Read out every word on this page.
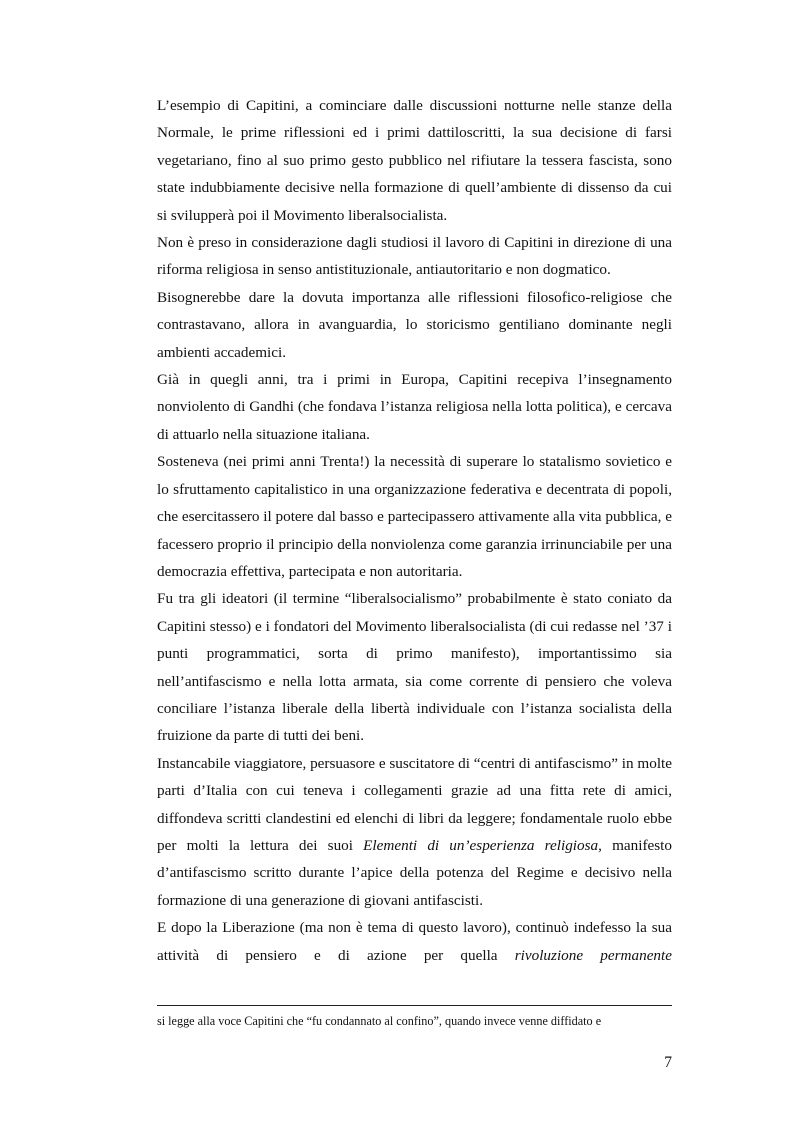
L’esempio di Capitini, a cominciare dalle discussioni notturne nelle stanze della Normale, le prime riflessioni ed i primi dattiloscritti, la sua decisione di farsi vegetariano, fino al suo primo gesto pubblico nel rifiutare la tessera fascista, sono state indubbiamente decisive nella formazione di quell’ambiente di dissenso da cui si svilupperà poi il Movimento liberalsocialista.

Non è preso in considerazione dagli studiosi il lavoro di Capitini in direzione di una riforma religiosa in senso antistituzionale, antiautoritario e non dogmatico.

Bisognerebbe dare la dovuta importanza alle riflessioni filosofico-religiose che contrastavano, allora in avanguardia, lo storicismo gentiliano dominante negli ambienti accademici.

Già in quegli anni, tra i primi in Europa, Capitini recepiva l’insegnamento nonviolento di Gandhi (che fondava l’istanza religiosa nella lotta politica), e cercava di attuarlo nella situazione italiana.

Sosteneva (nei primi anni Trenta!) la necessità di superare lo statalismo sovietico e lo sfruttamento capitalistico in una organizzazione federativa e decentrata di popoli, che esercitassero il potere dal basso e partecipassero attivamente alla vita pubblica, e facessero proprio il principio della nonviolenza come garanzia irrinunciabile per una democrazia effettiva, partecipata e non autoritaria.

Fu tra gli ideatori (il termine “liberalsocialismo” probabilmente è stato coniato da Capitini stesso) e i fondatori del Movimento liberalsocialista (di cui redasse nel ’37 i punti programmatici, sorta di primo manifesto), importantissimo sia nell’antifascismo e nella lotta armata, sia come corrente di pensiero che voleva conciliare l’istanza liberale della libertà individuale con l’istanza socialista della fruizione da parte di tutti dei beni.

Instancabile viaggiatore, persuasore e suscitatore di “centri di antifascismo” in molte parti d’Italia con cui teneva i collegamenti grazie ad una fitta rete di amici, diffondeva scritti clandestini ed elenchi di libri da leggere; fondamentale ruolo ebbe per molti la lettura dei suoi Elementi di un’esperienza religiosa, manifesto d’antifascismo scritto durante l’apice della potenza del Regime e decisivo nella formazione di una generazione di giovani antifascisti.

E dopo la Liberazione (ma non è tema di questo lavoro), continuò indefesso la sua attività di pensiero e di azione per quella rivoluzione permanente

si legge alla voce Capitini che “fu condannato al confino”, quando invece venne diffidato e

7
